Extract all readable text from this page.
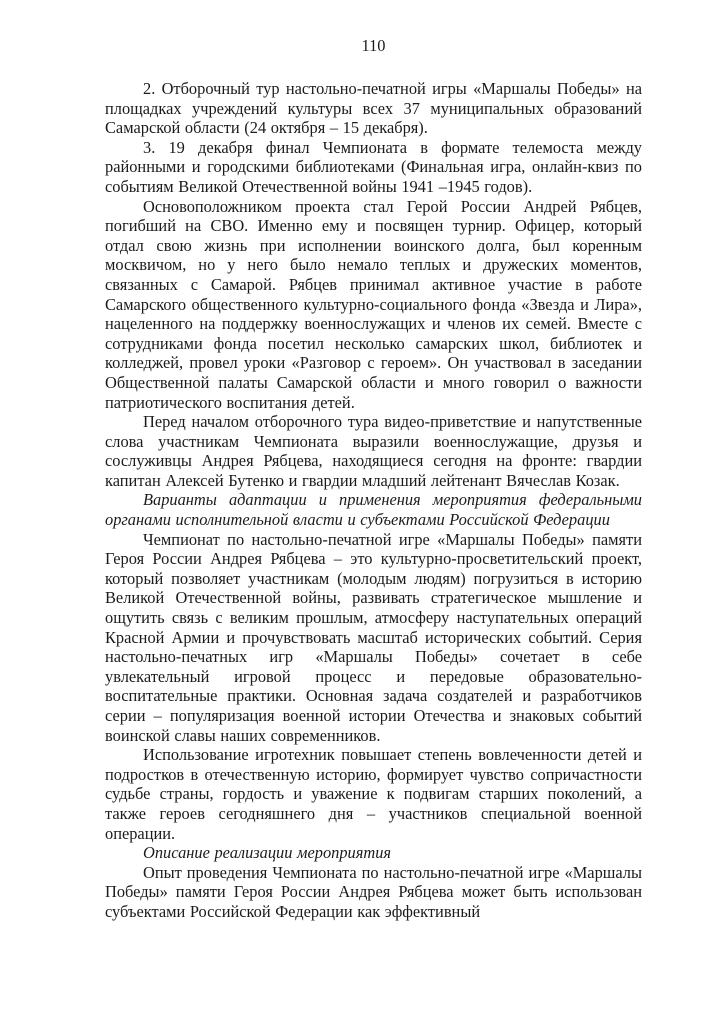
110

2. Отборочный тур настольно-печатной игры «Маршалы Победы» на площадках учреждений культуры всех 37 муниципальных образований Самарской области (24 октября – 15 декабря).

3. 19 декабря финал Чемпионата в формате телемоста между районными и городскими библиотеками (Финальная игра, онлайн-квиз по событиям Великой Отечественной войны 1941 –1945 годов).

Основоположником проекта стал Герой России Андрей Рябцев, погибший на СВО. Именно ему и посвящен турнир. Офицер, который отдал свою жизнь при исполнении воинского долга, был коренным москвичом, но у него было немало теплых и дружеских моментов, связанных с Самарой. Рябцев принимал активное участие в работе Самарского общественного культурно-социального фонда «Звезда и Лира», нацеленного на поддержку военнослужащих и членов их семей. Вместе с сотрудниками фонда посетил несколько самарских школ, библиотек и колледжей, провел уроки «Разговор с героем». Он участвовал в заседании Общественной палаты Самарской области и много говорил о важности патриотического воспитания детей.

Перед началом отборочного тура видео-приветствие и напутственные слова участникам Чемпионата выразили военнослужащие, друзья и сослуживцы Андрея Рябцева, находящиеся сегодня на фронте: гвардии капитан Алексей Бутенко и гвардии младший лейтенант Вячеслав Козак.

Варианты адаптации и применения мероприятия федеральными органами исполнительной власти и субъектами Российской Федерации

Чемпионат по настольно-печатной игре «Маршалы Победы» памяти Героя России Андрея Рябцева – это культурно-просветительский проект, который позволяет участникам (молодым людям) погрузиться в историю Великой Отечественной войны, развивать стратегическое мышление и ощутить связь с великим прошлым, атмосферу наступательных операций Красной Армии и прочувствовать масштаб исторических событий. Серия настольно-печатных игр «Маршалы Победы» сочетает в себе увлекательный игровой процесс и передовые образовательно-воспитательные практики. Основная задача создателей и разработчиков серии – популяризация военной истории Отечества и знаковых событий воинской славы наших современников.

Использование игротехник повышает степень вовлеченности детей и подростков в отечественную историю, формирует чувство сопричастности судьбе страны, гордость и уважение к подвигам старших поколений, а также героев сегодняшнего дня – участников специальной военной операции.

Описание реализации мероприятия

Опыт проведения Чемпионата по настольно-печатной игре «Маршалы Победы» памяти Героя России Андрея Рябцева может быть использован субъектами Российской Федерации как эффективный
